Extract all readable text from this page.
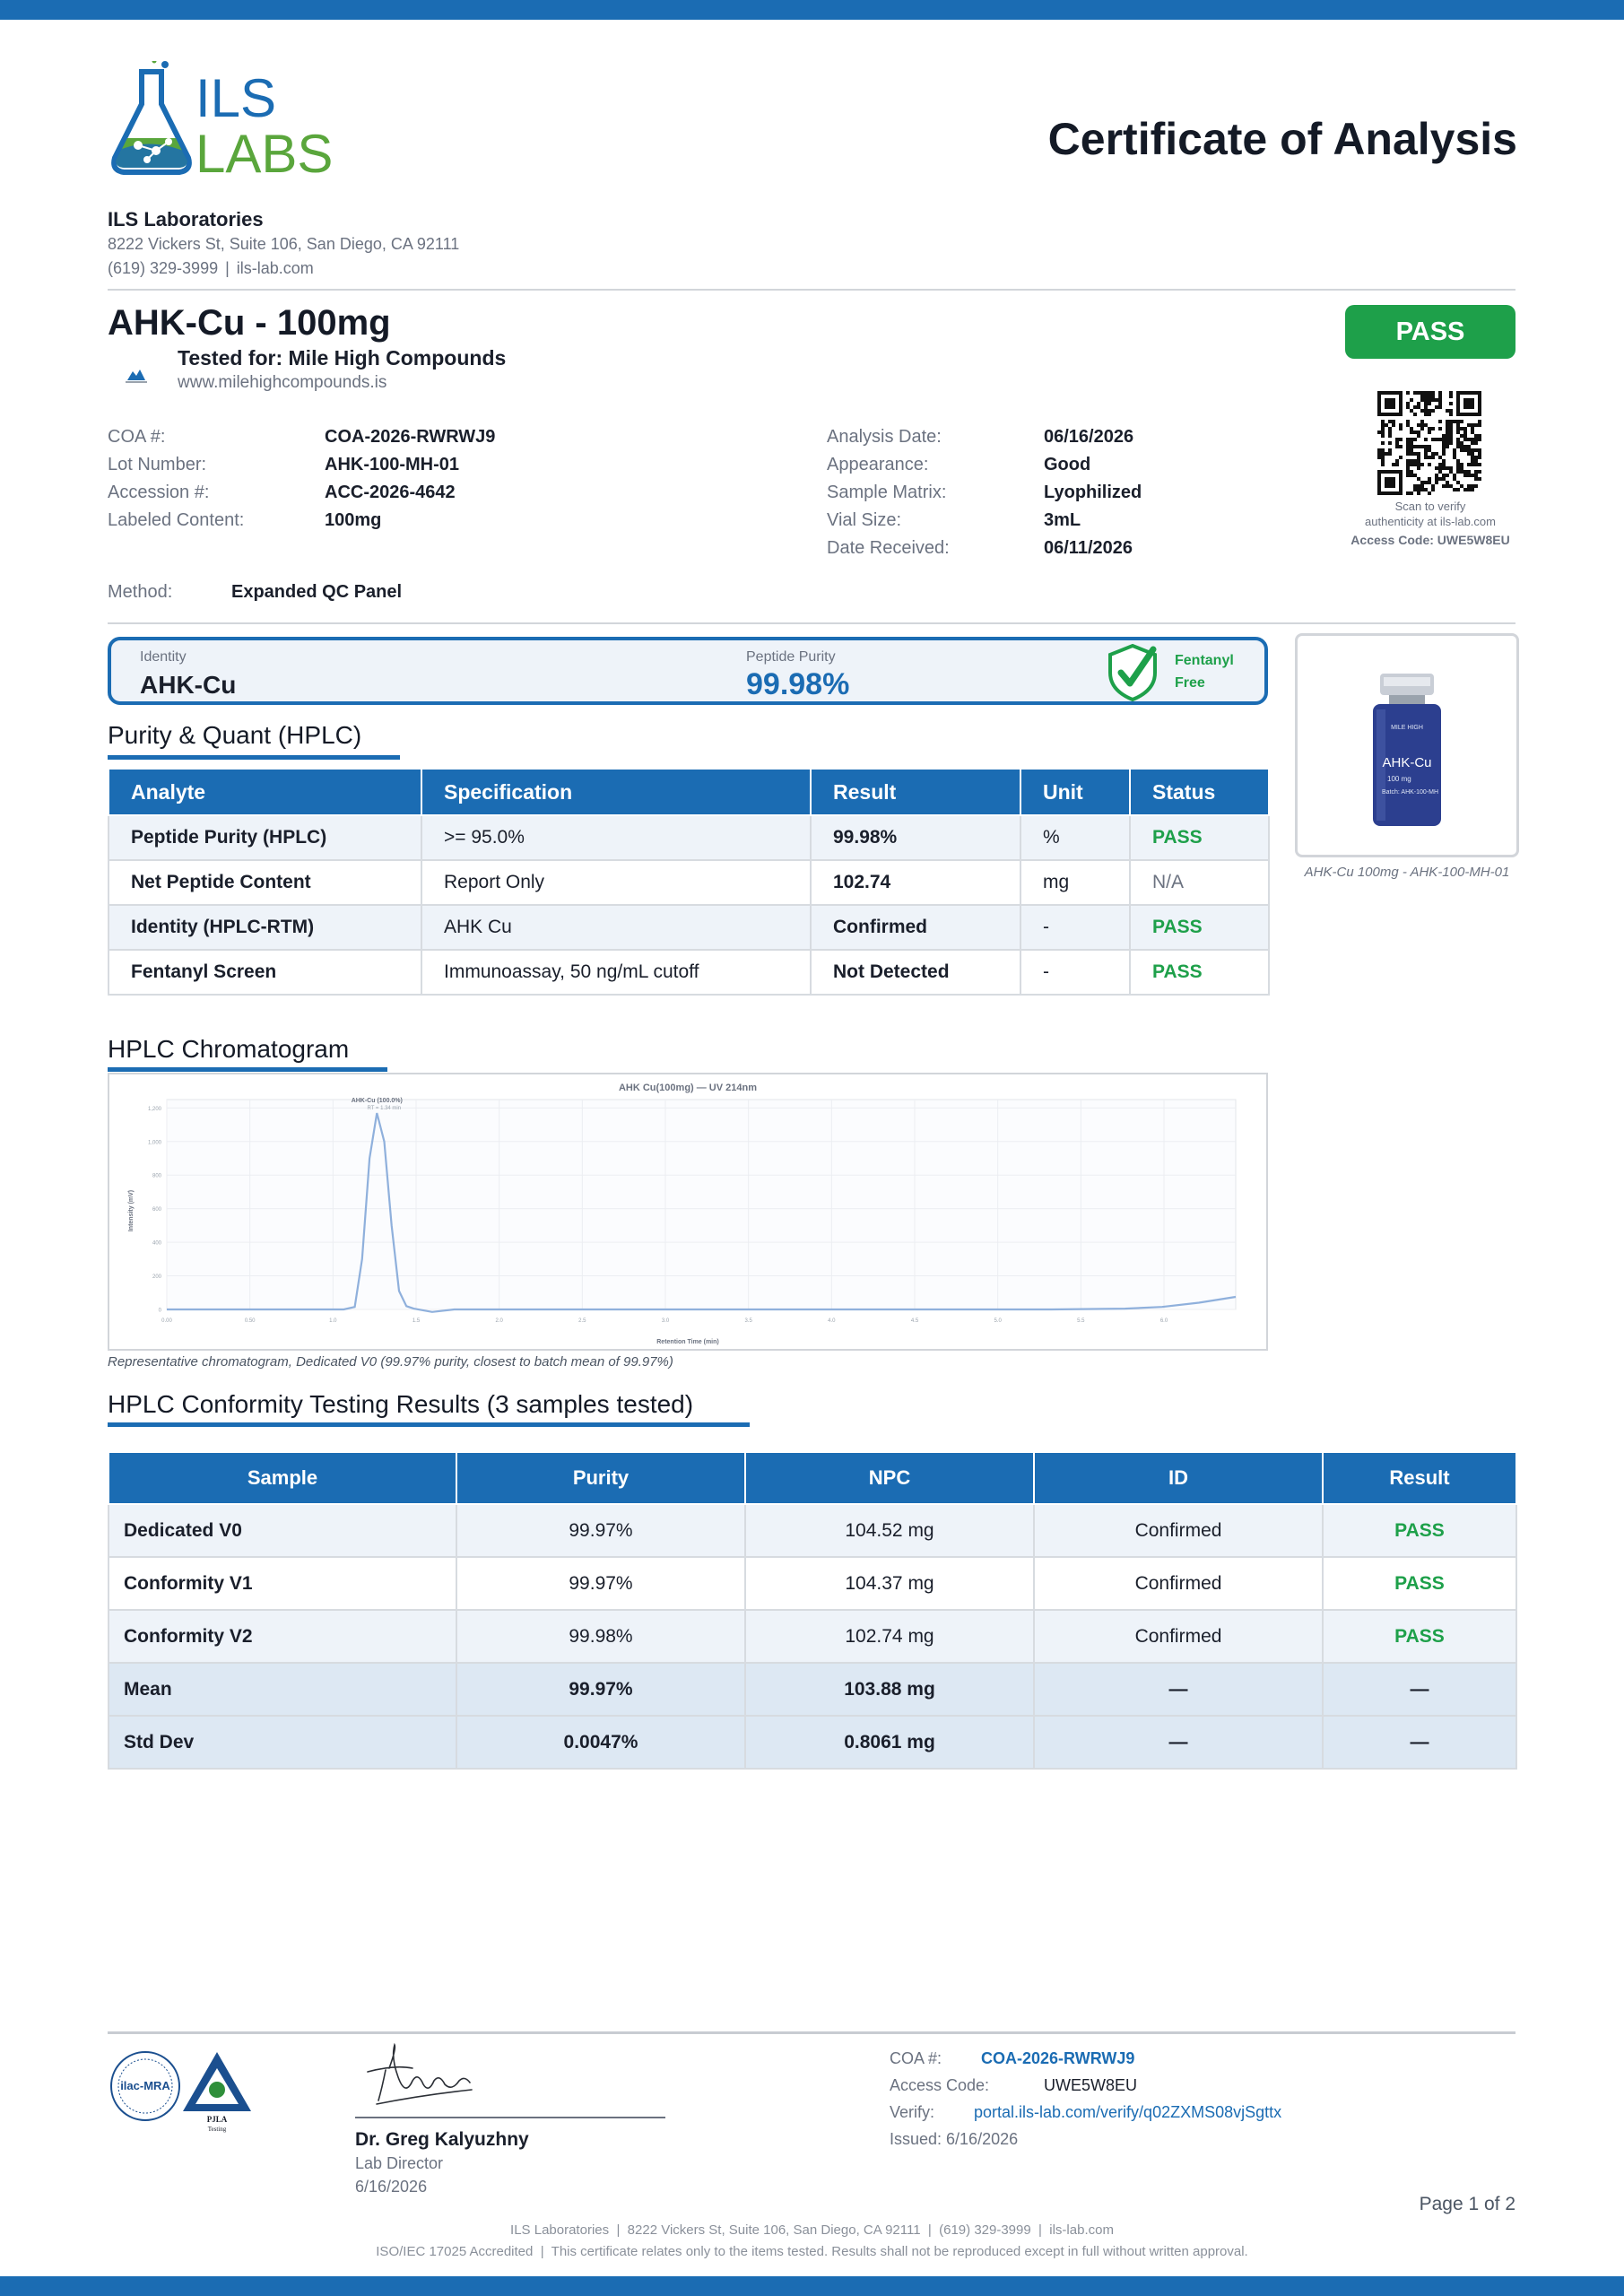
ILS
LABS	Certificate of Analysis
ILS Laboratories
8222 Vickers St, Suite 106, San Diego, CA 92111
(619) 329-3999 | ils-lab.com
AHK-Cu - 100mg
Tested for: Mile High Compounds
www.milehighcompounds.is
PASS
Scan to verify
authenticity at ils-lab.com
Access Code: UWE5W8EU
COA #:	COA-2026-RWRWJ9
Lot Number:	AHK-100-MH-01
Accession #:	ACC-2026-4642
Labeled Content:	100mg
Analysis Date:	06/16/2026
Appearance:	Good
Sample Matrix:	Lyophilized
Vial Size:	3mL
Date Received:	06/11/2026
Method:	Expanded QC Panel
Identity
AHK-Cu
Peptide Purity
99.98%
Fentanyl
Free
MILE HIGH
AHK-Cu
100 mg
Batch: AHK-100-MH
AHK-Cu 100mg - AHK-100-MH-01
Purity & Quant (HPLC)
Analyte	Specification	Result	Unit	Status
Peptide Purity (HPLC)	>= 95.0%	99.98%	%	PASS
Net Peptide Content	Report Only	102.74	mg	N/A
Identity (HPLC-RTM)	AHK Cu	Confirmed	-	PASS
Fentanyl Screen	Immunoassay, 50 ng/mL cutoff	Not Detected	-	PASS
HPLC Chromatogram
AHK Cu(100mg) — UV 214nm
0
200
400
600
800
1,000
1,200
0.00	0.50	1.0	1.5	2.0	2.5	3.0	3.5	4.0	4.5	5.0	5.5	6.0
AHK-Cu (100.0%)
RT = 1.34 min
Retention Time (min)
Intensity (mV)
Representative chromatogram, Dedicated V0 (99.97% purity, closest to batch mean of 99.97%)
HPLC Conformity Testing Results (3 samples tested)
Sample	Purity	NPC	ID	Result
Dedicated V0	99.97%	104.52 mg	Confirmed	PASS
Conformity V1	99.97%	104.37 mg	Confirmed	PASS
Conformity V2	99.98%	102.74 mg	Confirmed	PASS
Mean	99.97%	103.88 mg	—	—
Std Dev	0.0047%	0.8061 mg	—	—
ilac-MRA
PJLA
Testing	Dr. Greg Kalyuzhny
Lab Director
6/16/2026
COA #: COA-2026-RWRWJ9
Access Code:	UWE5W8EU
Verify: portal.ils-lab.com/verify/q02ZXMS08vjSgttx
Issued: 6/16/2026
Page 1 of 2
ILS Laboratories  |  8222 Vickers St, Suite 106, San Diego, CA 92111  |  (619) 329-3999  |  ils-lab.com
ISO/IEC 17025 Accredited  |  This certificate relates only to the items tested. Results shall not be reproduced except in full without written approval.
